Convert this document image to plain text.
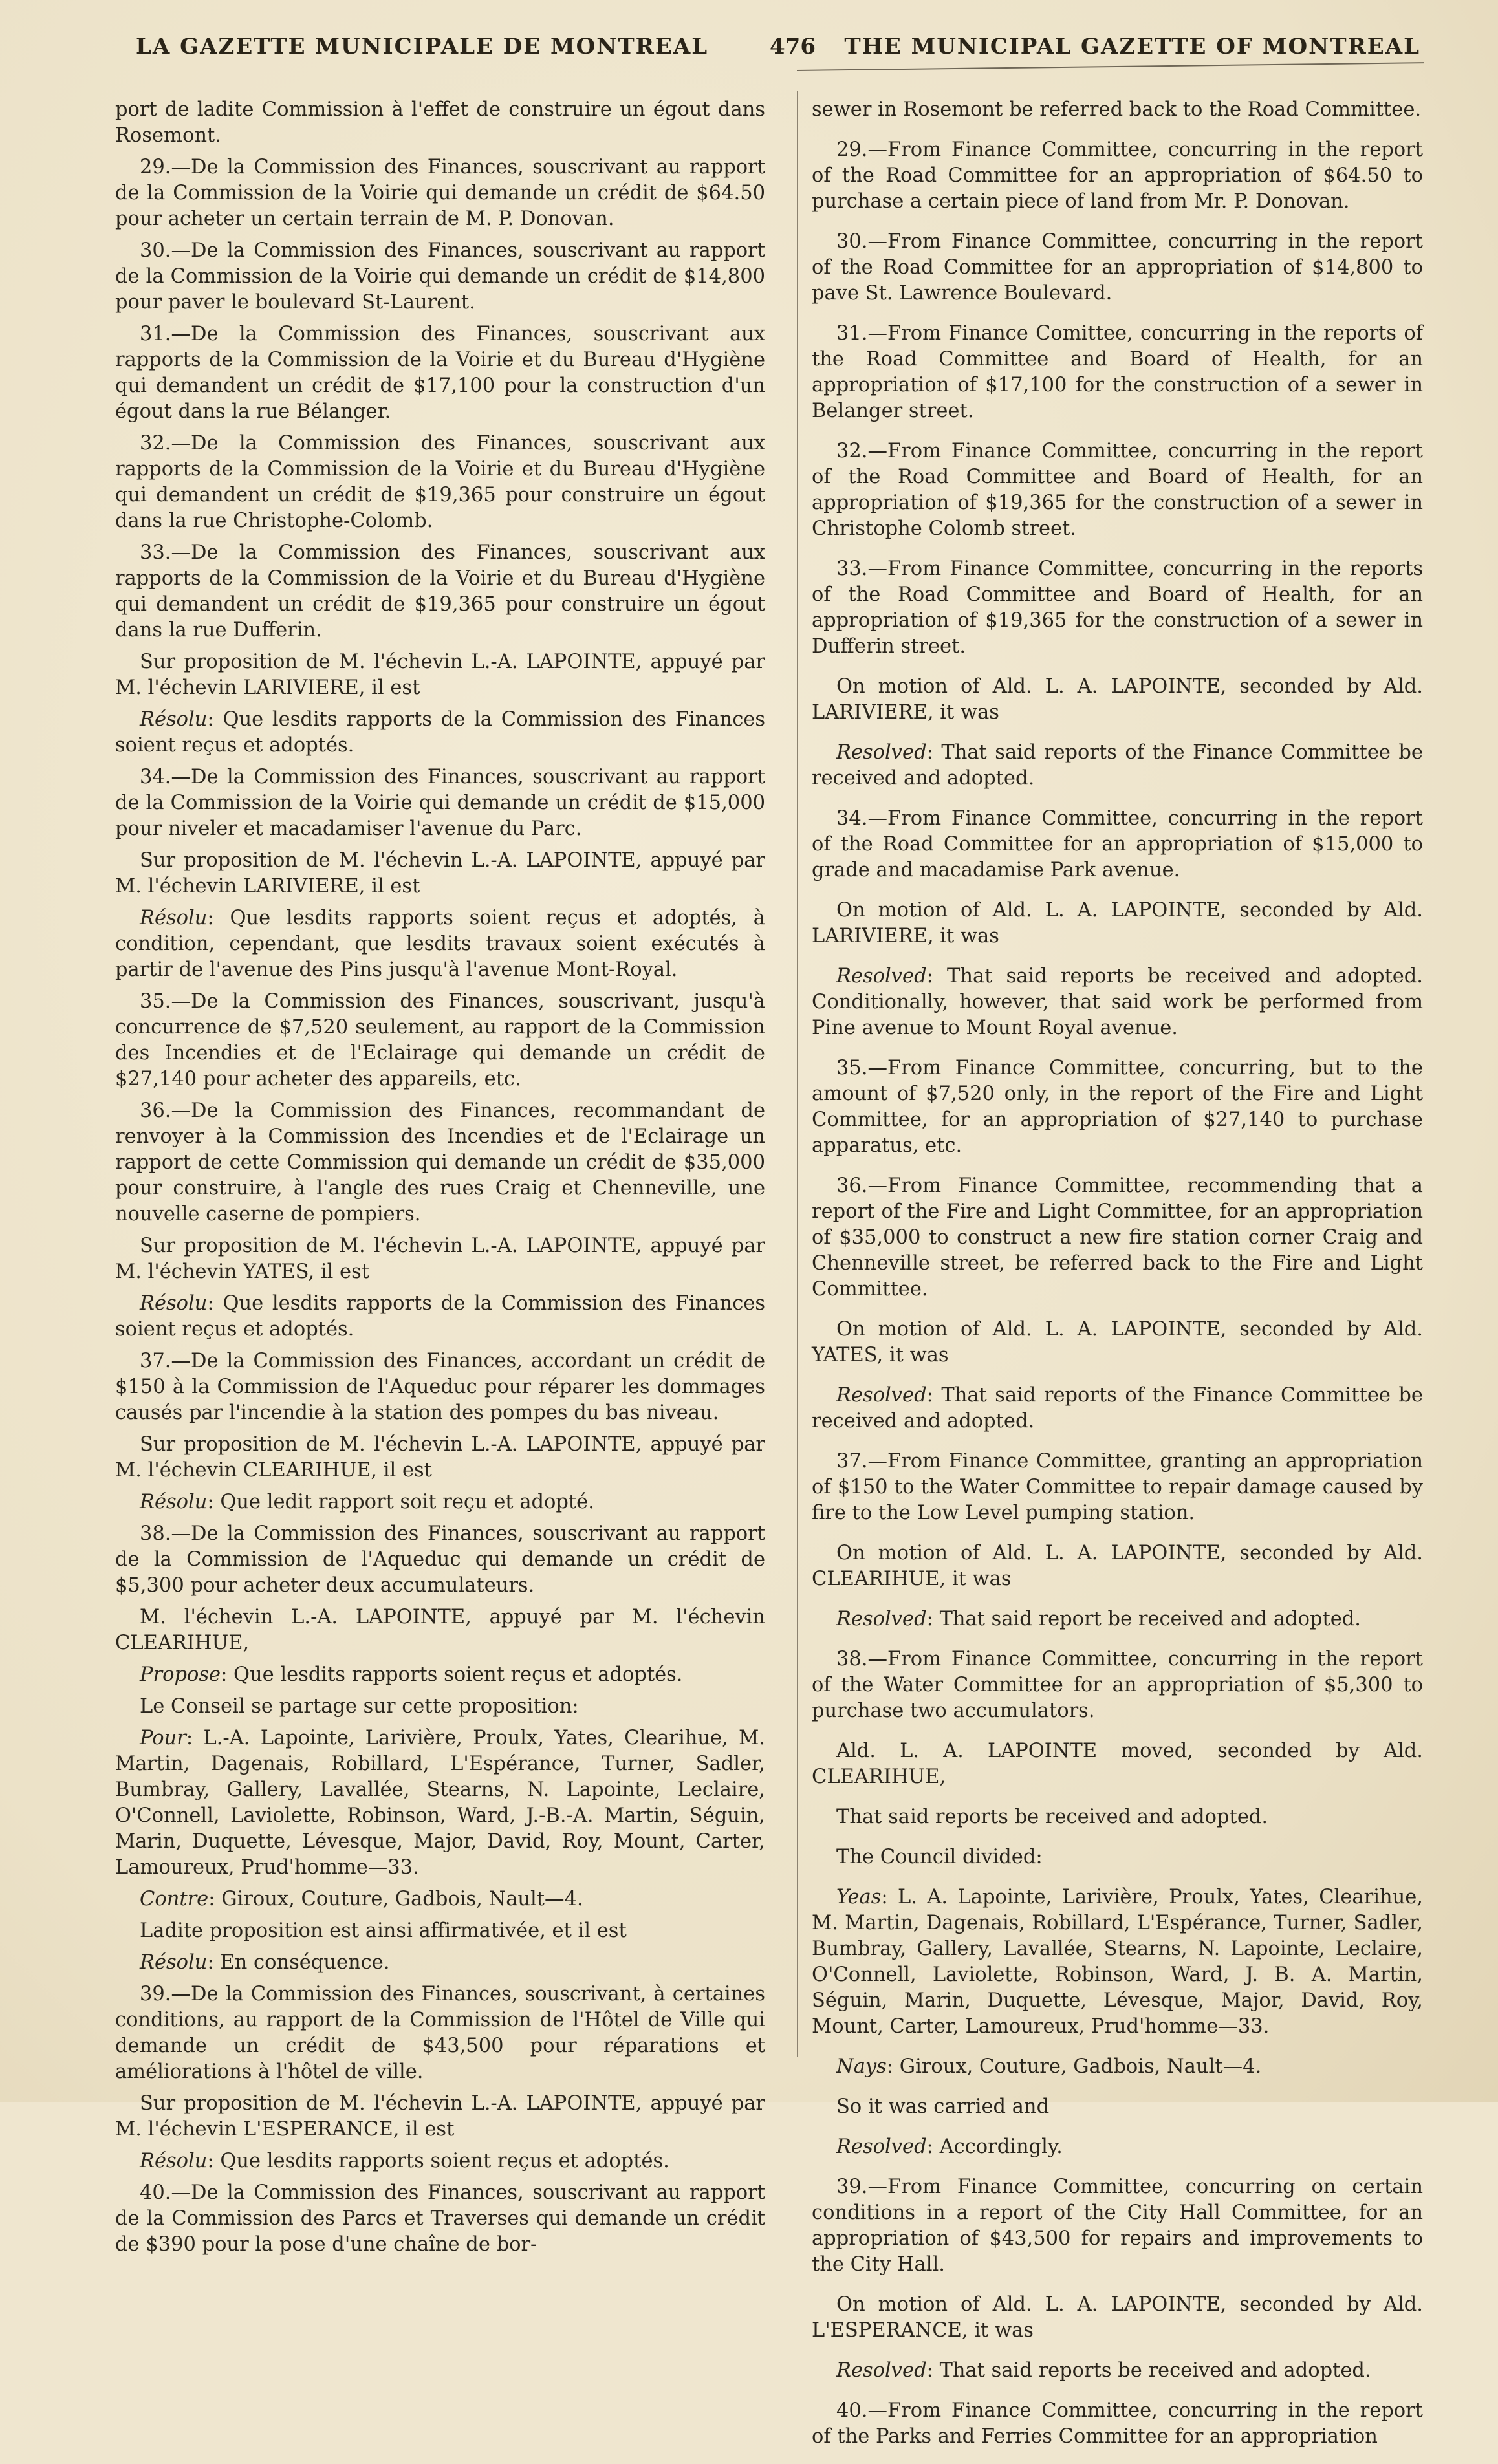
LA GAZETTE MUNICIPALE DE MONTREAL	476 THE MUNICIPAL GAZETTE OF MONTREAL

port de ladite Commission à l'effet de construire un égout dans Rosemont.

29.—De la Commission des Finances, souscrivant au rapport de la Commission de la Voirie qui demande un crédit de $64.50 pour acheter un certain terrain de M. P. Donovan.

30.—De la Commission des Finances, souscrivant au rapport de la Commission de la Voirie qui demande un crédit de $14,800 pour paver le boulevard St-Laurent.

31.—De la Commission des Finances, souscrivant aux rapports de la Commission de la Voirie et du Bureau d'Hygiène qui demandent un crédit de $17,100 pour la construction d'un égout dans la rue Bélanger.

32.—De la Commission des Finances, souscrivant aux rapports de la Commission de la Voirie et du Bureau d'Hygiène qui demandent un crédit de $19,365 pour construire un égout dans la rue Christophe-Colomb.

33.—De la Commission des Finances, souscrivant aux rapports de la Commission de la Voirie et du Bureau d'Hygiène qui demandent un crédit de $19,365 pour construire un égout dans la rue Dufferin.

Sur proposition de M. l'échevin L.-A. LAPOINTE, appuyé par M. l'échevin LARIVIERE, il est

Résolu: Que lesdits rapports de la Commission des Finances soient reçus et adoptés.

34.—De la Commission des Finances, souscrivant au rapport de la Commission de la Voirie qui demande un crédit de $15,000 pour niveler et macadamiser l'avenue du Parc.

Sur proposition de M. l'échevin L.-A. LAPOINTE, appuyé par M. l'échevin LARIVIERE, il est

Résolu: Que lesdits rapports soient reçus et adoptés, à condition, cependant, que lesdits travaux soient exécutés à partir de l'avenue des Pins jusqu'à l'avenue Mont-Royal.

35.—De la Commission des Finances, souscrivant, jusqu'à concurrence de $7,520 seulement, au rapport de la Commission des Incendies et de l'Eclairage qui demande un crédit de $27,140 pour acheter des appareils, etc.

36.—De la Commission des Finances, recommandant de renvoyer à la Commission des Incendies et de l'Eclairage un rapport de cette Commission qui demande un crédit de $35,000 pour construire, à l'angle des rues Craig et Chenneville, une nouvelle caserne de pompiers.

Sur proposition de M. l'échevin L.-A. LAPOINTE, appuyé par M. l'échevin YATES, il est

Résolu: Que lesdits rapports de la Commission des Finances soient reçus et adoptés.

37.—De la Commission des Finances, accordant un crédit de $150 à la Commission de l'Aqueduc pour réparer les dommages causés par l'incendie à la station des pompes du bas niveau.

Sur proposition de M. l'échevin L.-A. LAPOINTE, appuyé par M. l'échevin CLEARIHUE, il est

Résolu: Que ledit rapport soit reçu et adopté.

38.—De la Commission des Finances, souscrivant au rapport de la Commission de l'Aqueduc qui demande un crédit de $5,300 pour acheter deux accumulateurs.

M. l'échevin L.-A. LAPOINTE, appuyé par M. l'échevin CLEARIHUE,

Propose: Que lesdits rapports soient reçus et adoptés.

Le Conseil se partage sur cette proposition:

Pour: L.-A. Lapointe, Larivière, Proulx, Yates, Clearihue, M. Martin, Dagenais, Robillard, L'Espérance, Turner, Sadler, Bumbray, Gallery, Lavallée, Stearns, N. Lapointe, Leclaire, O'Connell, Laviolette, Robinson, Ward, J.-B.-A. Martin, Séguin, Marin, Duquette, Lévesque, Major, David, Roy, Mount, Carter, Lamoureux, Prud'homme—33.

Contre: Giroux, Couture, Gadbois, Nault—4.

Ladite proposition est ainsi affirmativée, et il est

Résolu: En conséquence.

39.—De la Commission des Finances, souscrivant, à certaines conditions, au rapport de la Commission de l'Hôtel de Ville qui demande un crédit de $43,500 pour réparations et améliorations à l'hôtel de ville.

Sur proposition de M. l'échevin L.-A. LAPOINTE, appuyé par M. l'échevin L'ESPERANCE, il est

Résolu: Que lesdits rapports soient reçus et adoptés.

40.—De la Commission des Finances, souscrivant au rapport de la Commission des Parcs et Traverses qui demande un crédit de $390 pour la pose d'une chaîne de bor-

sewer in Rosemont be referred back to the Road Committee.

29.—From Finance Committee, concurring in the report of the Road Committee for an appropriation of $64.50 to purchase a certain piece of land from Mr. P. Donovan.

30.—From Finance Committee, concurring in the report of the Road Committee for an appropriation of $14,800 to pave St. Lawrence Boulevard.

31.—From Finance Comittee, concurring in the reports of the Road Committee and Board of Health, for an appropriation of $17,100 for the construction of a sewer in Belanger street.

32.—From Finance Committee, concurring in the report of the Road Committee and Board of Health, for an appropriation of $19,365 for the construction of a sewer in Christophe Colomb street.

33.—From Finance Committee, concurring in the reports of the Road Committee and Board of Health, for an appropriation of $19,365 for the construction of a sewer in Dufferin street.

On motion of Ald. L. A. LAPOINTE, seconded by Ald. LARIVIERE, it was

Resolved: That said reports of the Finance Committee be received and adopted.

34.—From Finance Committee, concurring in the report of the Road Committee for an appropriation of $15,000 to grade and macadamise Park avenue.

On motion of Ald. L. A. LAPOINTE, seconded by Ald. LARIVIERE, it was

Resolved: That said reports be received and adopted. Conditionally, however, that said work be performed from Pine avenue to Mount Royal avenue.

35.—From Finance Committee, concurring, but to the amount of $7,520 only, in the report of the Fire and Light Committee, for an appropriation of $27,140 to purchase apparatus, etc.

36.—From Finance Committee, recommending that a report of the Fire and Light Committee, for an appropriation of $35,000 to construct a new fire station corner Craig and Chenneville street, be referred back to the Fire and Light Committee.

On motion of Ald. L. A. LAPOINTE, seconded by Ald. YATES, it was

Resolved: That said reports of the Finance Committee be received and adopted.

37.—From Finance Committee, granting an appropriation of $150 to the Water Committee to repair damage caused by fire to the Low Level pumping station.

On motion of Ald. L. A. LAPOINTE, seconded by Ald. CLEARIHUE, it was

Resolved: That said report be received and adopted.

38.—From Finance Committee, concurring in the report of the Water Committee for an appropriation of $5,300 to purchase two accumulators.

Ald. L. A. LAPOINTE moved, seconded by Ald. CLEARIHUE,

That said reports be received and adopted.

The Council divided:

Yeas: L. A. Lapointe, Larivière, Proulx, Yates, Clearihue, M. Martin, Dagenais, Robillard, L'Espérance, Turner, Sadler, Bumbray, Gallery, Lavallée, Stearns, N. Lapointe, Leclaire, O'Connell, Laviolette, Robinson, Ward, J. B. A. Martin, Séguin, Marin, Duquette, Lévesque, Major, David, Roy, Mount, Carter, Lamoureux, Prud'homme—33.

Nays: Giroux, Couture, Gadbois, Nault—4.

So it was carried and

Resolved: Accordingly.

39.—From Finance Committee, concurring on certain conditions in a report of the City Hall Committee, for an appropriation of $43,500 for repairs and improvements to the City Hall.

On motion of Ald. L. A. LAPOINTE, seconded by Ald. L'ESPERANCE, it was

Resolved: That said reports be received and adopted.

40.—From Finance Committee, concurring in the report of the Parks and Ferries Committee for an appropriation
